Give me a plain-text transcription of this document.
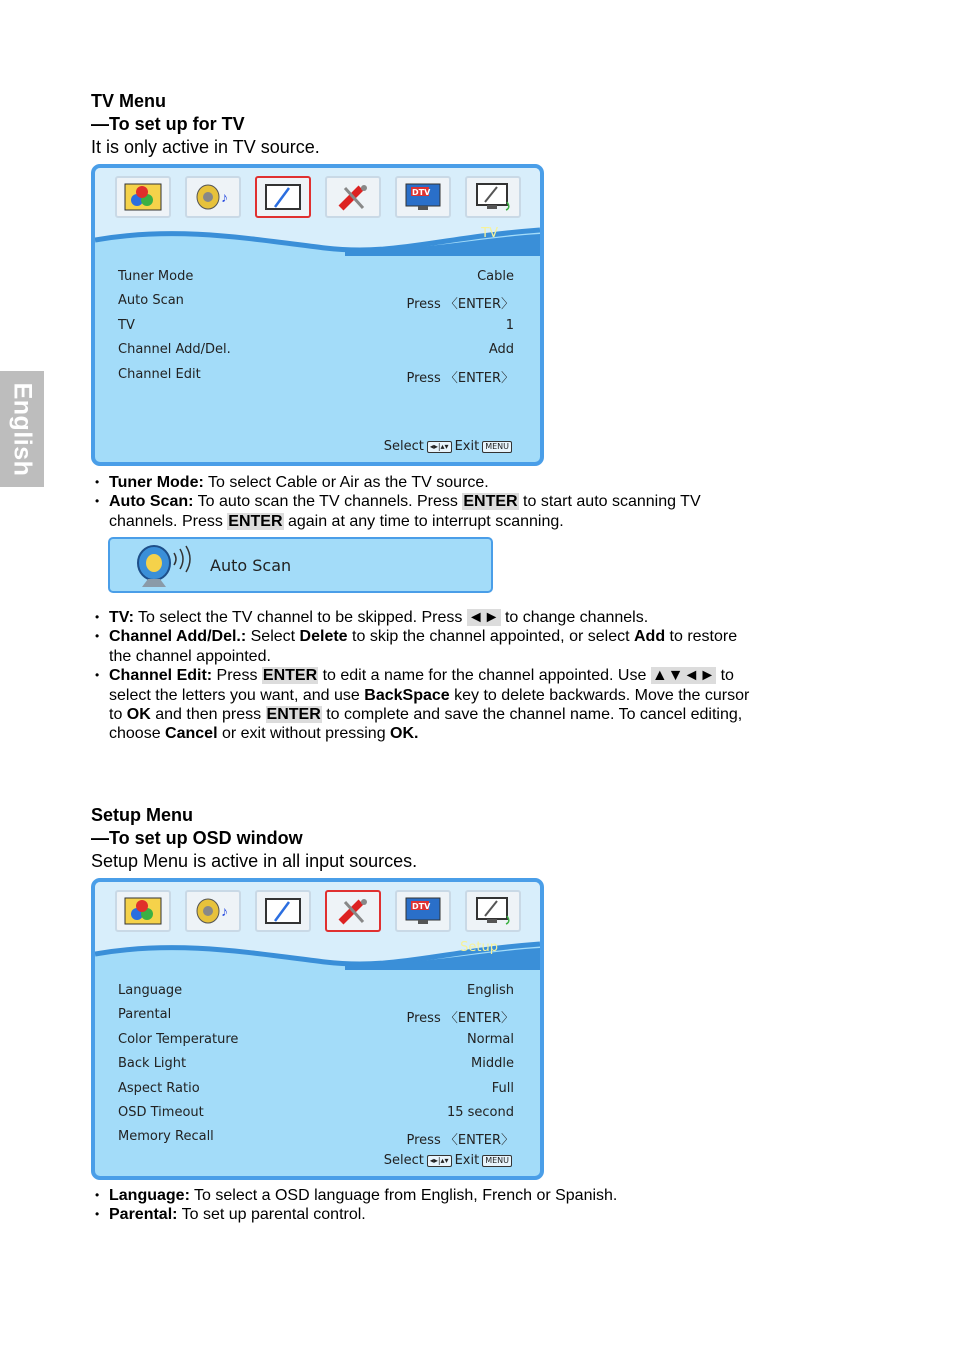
English
TV Menu
—To set up for TV
It is only active in TV source.
♪	DTV
TV
Tuner Mode	Cable
Auto Scan	Press 〈ENTER〉
TV	1
Channel Add/Del.	Add
Channel Edit	Press 〈ENTER〉
Select ◂▸|▴▾ Exit MENU
• Tuner Mode: To select Cable or Air as the TV source.
• Auto Scan: To auto scan the TV channels. Press ENTER to start auto scanning TV channels. Press ENTER again at any time to interrupt scanning.
Auto Scan
• TV: To select the TV channel to be skipped. Press ◄► to change channels.
• Channel Add/Del.: Select Delete to skip the channel appointed, or select Add to restore the channel appointed.
• Channel Edit: Press ENTER to edit a name for the channel appointed. Use ▲▼◄► to select the letters you want, and use BackSpace key to delete backwards. Move the cursor to OK and then press ENTER to complete and save the channel name. To cancel editing, choose Cancel or exit without pressing OK.
Setup Menu
—To set up OSD window
Setup Menu is active in all input sources.
♪	DTV
Setup
Language	English
Parental	Press 〈ENTER〉
Color Temperature	Normal
Back Light	Middle
Aspect Ratio	Full
OSD Timeout	15 second
Memory Recall	Press 〈ENTER〉
Select ◂▸|▴▾ Exit MENU
• Language: To select a OSD language from English, French or Spanish.
• Parental: To set up parental control.
